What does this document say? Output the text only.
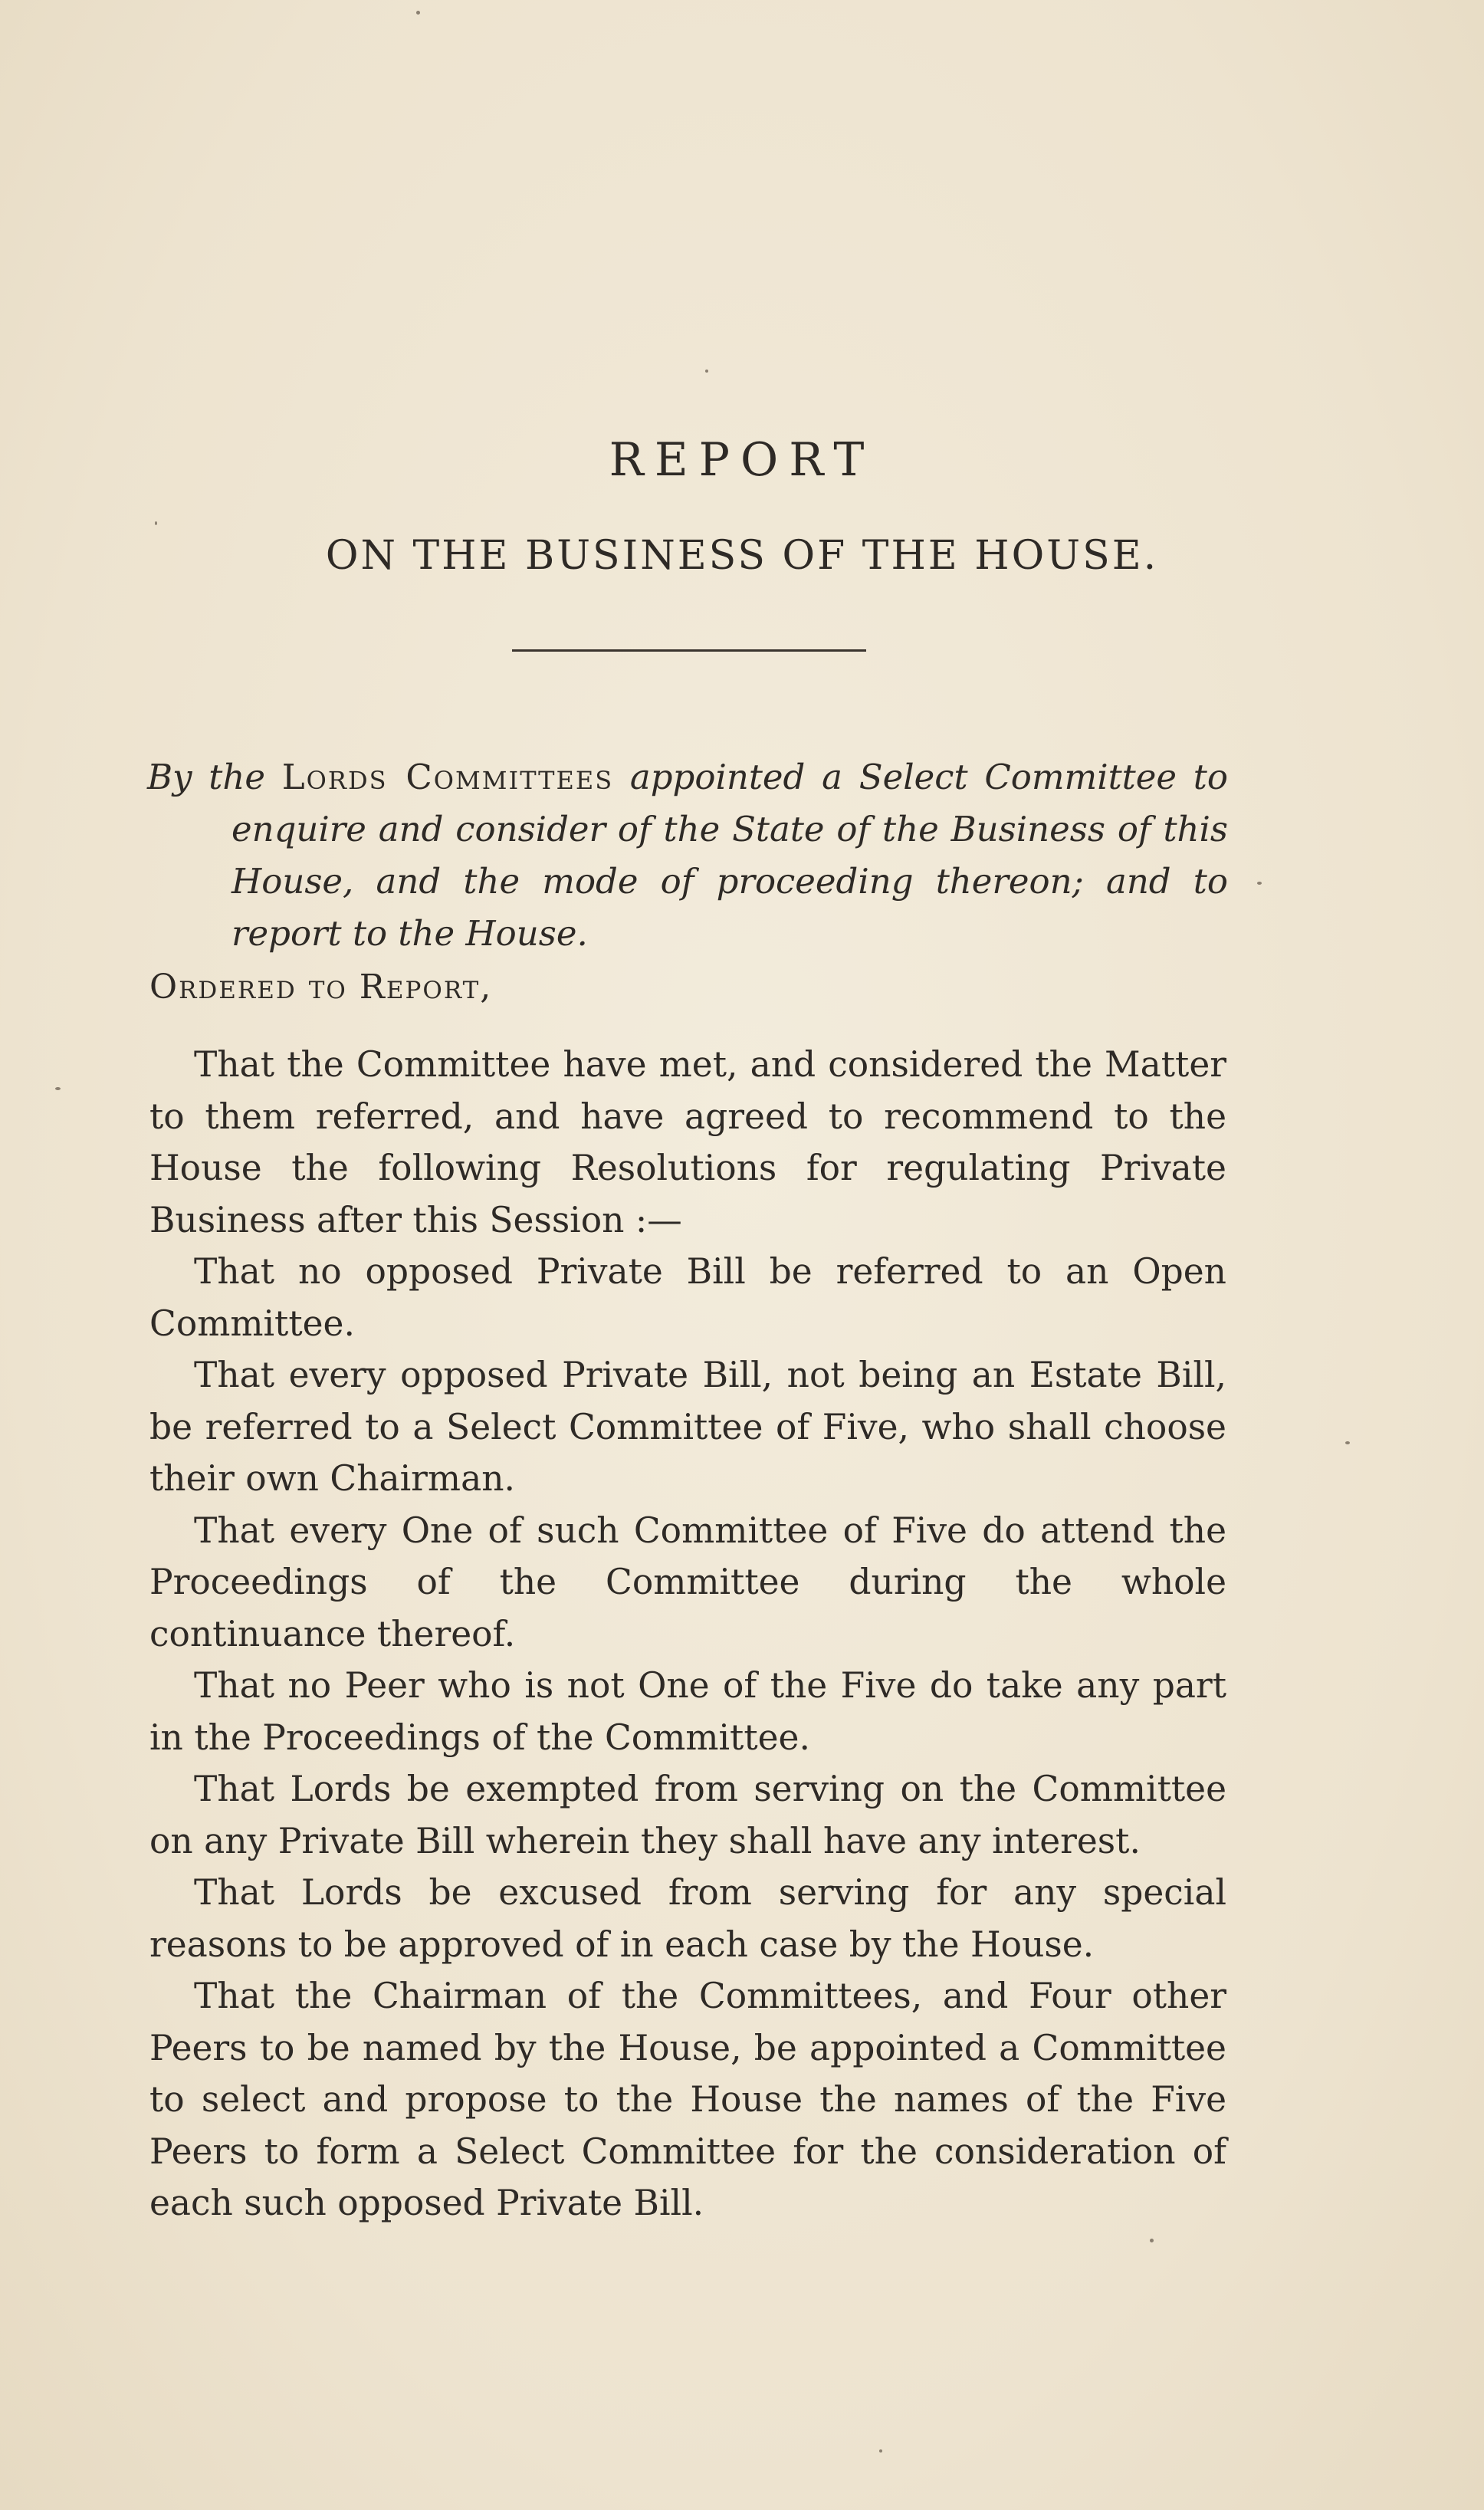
REPORT
ON THE BUSINESS OF THE HOUSE.

By the Lords Committees appointed a Select Committee to enquire and consider of the State of the Business of this House, and the mode of proceeding thereon; and to report to the House.

Ordered to Report,

That the Committee have met, and considered the Matter to them referred, and have agreed to recommend to the House the following Resolutions for regulating Private Business after this Session :—

That no opposed Private Bill be referred to an Open Committee.

That every opposed Private Bill, not being an Estate Bill, be referred to a Select Committee of Five, who shall choose their own Chairman.

That every One of such Committee of Five do attend the Proceedings of the Committee during the whole continuance thereof.

That no Peer who is not One of the Five do take any part in the Proceedings of the Committee.

That Lords be exempted from serving on the Committee on any Private Bill wherein they shall have any interest.

That Lords be excused from serving for any special reasons to be approved of in each case by the House.

That the Chairman of the Committees, and Four other Peers to be named by the House, be appointed a Committee to select and propose to the House the names of the Five Peers to form a Select Committee for the consideration of each such opposed Private Bill.
